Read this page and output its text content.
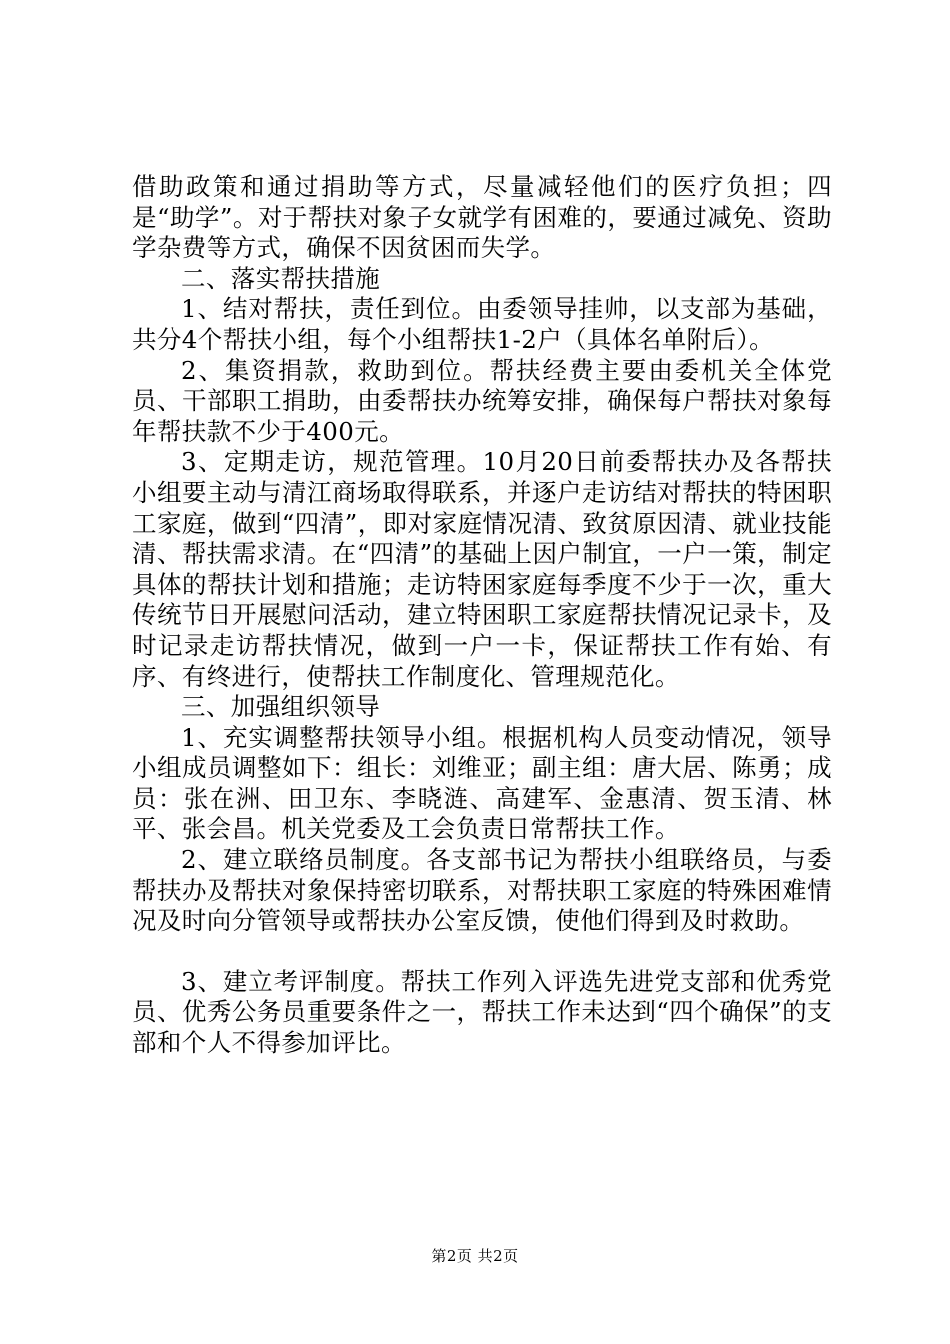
借助政策和通过捐助等方式，尽量减轻他们的医疗负担；四是“助学”。对于帮扶对象子女就学有困难的，要通过减免、资助学杂费等方式，确保不因贫困而失学。

二、落实帮扶措施

1、结对帮扶，责任到位。由委领导挂帅，以支部为基础，共分4个帮扶小组，每个小组帮扶1-2户（具体名单附后）。

2、集资捐款，救助到位。帮扶经费主要由委机关全体党员、干部职工捐助，由委帮扶办统筹安排，确保每户帮扶对象每年帮扶款不少于400元。

3、定期走访，规范管理。10月20日前委帮扶办及各帮扶小组要主动与清江商场取得联系，并逐户走访结对帮扶的特困职工家庭，做到“四清”，即对家庭情况清、致贫原因清、就业技能清、帮扶需求清。在“四清”的基础上因户制宜，一户一策，制定具体的帮扶计划和措施；走访特困家庭每季度不少于一次，重大传统节日开展慰问活动，建立特困职工家庭帮扶情况记录卡，及时记录走访帮扶情况，做到一户一卡，保证帮扶工作有始、有序、有终进行，使帮扶工作制度化、管理规范化。

三、加强组织领导

1、充实调整帮扶领导小组。根据机构人员变动情况，领导小组成员调整如下：组长：刘维亚；副主组：唐大居、陈勇；成员：张在洲、田卫东、李晓涟、高建军、金惠清、贺玉清、林平、张会昌。机关党委及工会负责日常帮扶工作。

2、建立联络员制度。各支部书记为帮扶小组联络员，与委帮扶办及帮扶对象保持密切联系，对帮扶职工家庭的特殊困难情况及时向分管领导或帮扶办公室反馈，使他们得到及时救助。

3、建立考评制度。帮扶工作列入评选先进党支部和优秀党员、优秀公务员重要条件之一，帮扶工作未达到“四个确保”的支部和个人不得参加评比。

第2页 共2页
